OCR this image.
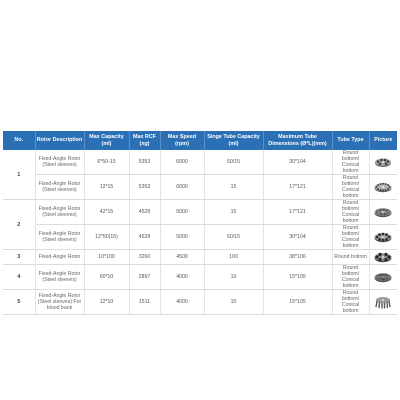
No.	Rotor Description	Max Capacity (ml)	Max RCF (xg)	Max Speed (rpm)	Singe Tube Capacity (ml)	Maximum Tube Dimensions (Ø*L)(mm)	Tube Type	Picture
1	Fixed-Angle Rotor (Steel sleeves)	6*50-15	5353	6000	50/15	30*104	Round bottom/ Conical bottom	
	Fixed-Angle Rotor (Steel sleeves)	12*15	5353	6000	15	17*121	Round bottom/ Conical bottom	
2	Fixed-Angle Rotor (Steel sleeves)	42*15	4528	5000	15	17*121	Round bottom/ Conical bottom	
	Fixed-Angle Rotor (Steel sleeves)	12*50(15)	4528	5000	50/15	30*104	Round bottom/ Conical bottom	
3	Fixed-Angle Rotor	10*100	3260	4500	100	38*106	Round bottom	
4	Fixed-Angle Rotor (Steel sleeves)	60*10	2897	4000	10	15*105	Round bottom/ Conical bottom	
5	Fixed-Angle Rotor (Steel sleeves) For blood bank	12*10	1511	4000	10	15*105	Round bottom/ Conical bottom	
